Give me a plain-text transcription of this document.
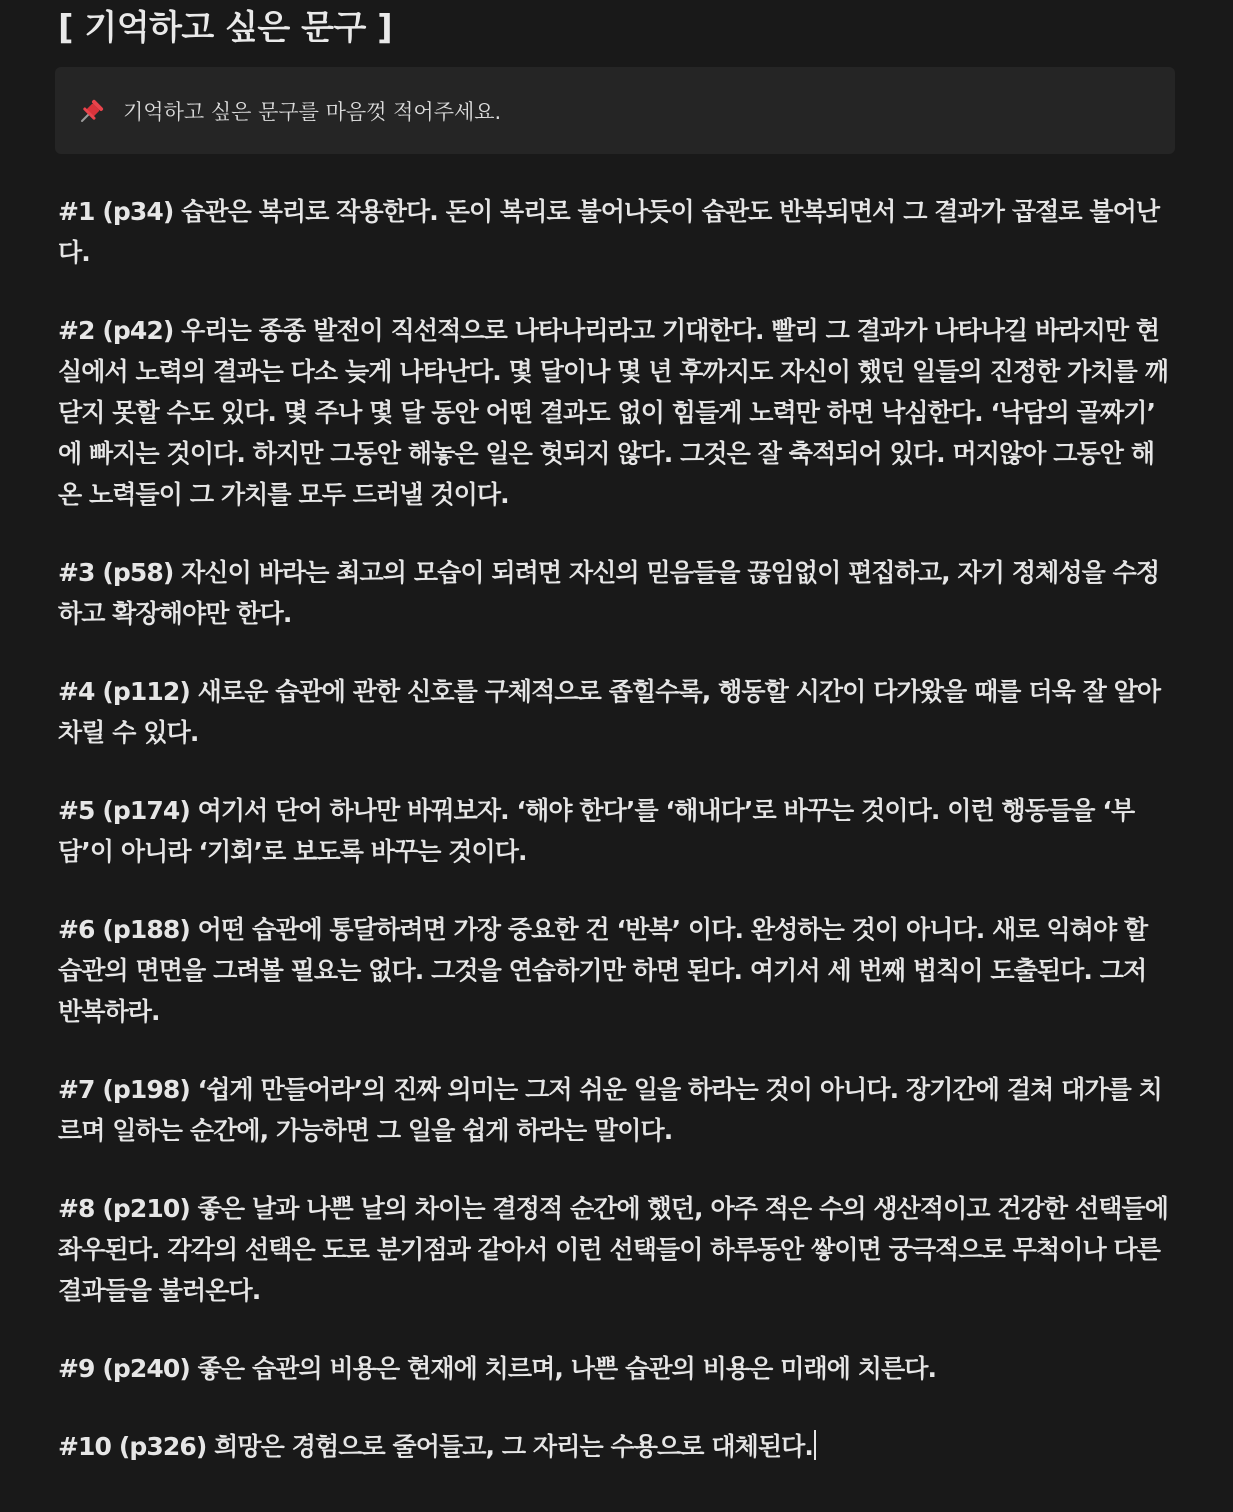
[ 기억하고 싶은 문구 ]
기억하고 싶은 문구를 마음껏 적어주세요.

#1 (p34) 습관은 복리로 작용한다. 돈이 복리로 불어나듯이 습관도 반복되면서 그 결과가 곱절로 불어난다.

#2 (p42) 우리는 종종 발전이 직선적으로 나타나리라고 기대한다. 빨리 그 결과가 나타나길 바라지만 현실에서 노력의 결과는 다소 늦게 나타난다. 몇 달이나 몇 년 후까지도 자신이 했던 일들의 진정한 가치를 깨닫지 못할 수도 있다. 몇 주나 몇 달 동안 어떤 결과도 없이 힘들게 노력만 하면 낙심한다. ‘낙담의 골짜기’ 에 빠지는 것이다. 하지만 그동안 해놓은 일은 헛되지 않다. 그것은 잘 축적되어 있다. 머지않아 그동안 해온 노력들이 그 가치를 모두 드러낼 것이다.

#3 (p58) 자신이 바라는 최고의 모습이 되려면 자신의 믿음들을 끊임없이 편집하고, 자기 정체성을 수정하고 확장해야만 한다.

#4 (p112) 새로운 습관에 관한 신호를 구체적으로 좁힐수록, 행동할 시간이 다가왔을 때를 더욱 잘 알아차릴 수 있다.

#5 (p174) 여기서 단어 하나만 바꿔보자. ‘해야 한다’를 ‘해내다’로 바꾸는 것이다. 이런 행동들을 ‘부담’이 아니라 ‘기회’로 보도록 바꾸는 것이다.

#6 (p188) 어떤 습관에 통달하려면 가장 중요한 건 ‘반복’ 이다. 완성하는 것이 아니다. 새로 익혀야 할 습관의 면면을 그려볼 필요는 없다. 그것을 연습하기만 하면 된다. 여기서 세 번째 법칙이 도출된다. 그저 반복하라.

#7 (p198) ‘쉽게 만들어라’의 진짜 의미는 그저 쉬운 일을 하라는 것이 아니다. 장기간에 걸쳐 대가를 치르며 일하는 순간에, 가능하면 그 일을 쉽게 하라는 말이다.

#8 (p210) 좋은 날과 나쁜 날의 차이는 결정적 순간에 했던, 아주 적은 수의 생산적이고 건강한 선택들에 좌우된다. 각각의 선택은 도로 분기점과 같아서 이런 선택들이 하루동안 쌓이면 궁극적으로 무척이나 다른 결과들을 불러온다.

#9 (p240) 좋은 습관의 비용은 현재에 치르며, 나쁜 습관의 비용은 미래에 치른다.

#10 (p326) 희망은 경험으로 줄어들고, 그 자리는 수용으로 대체된다.
